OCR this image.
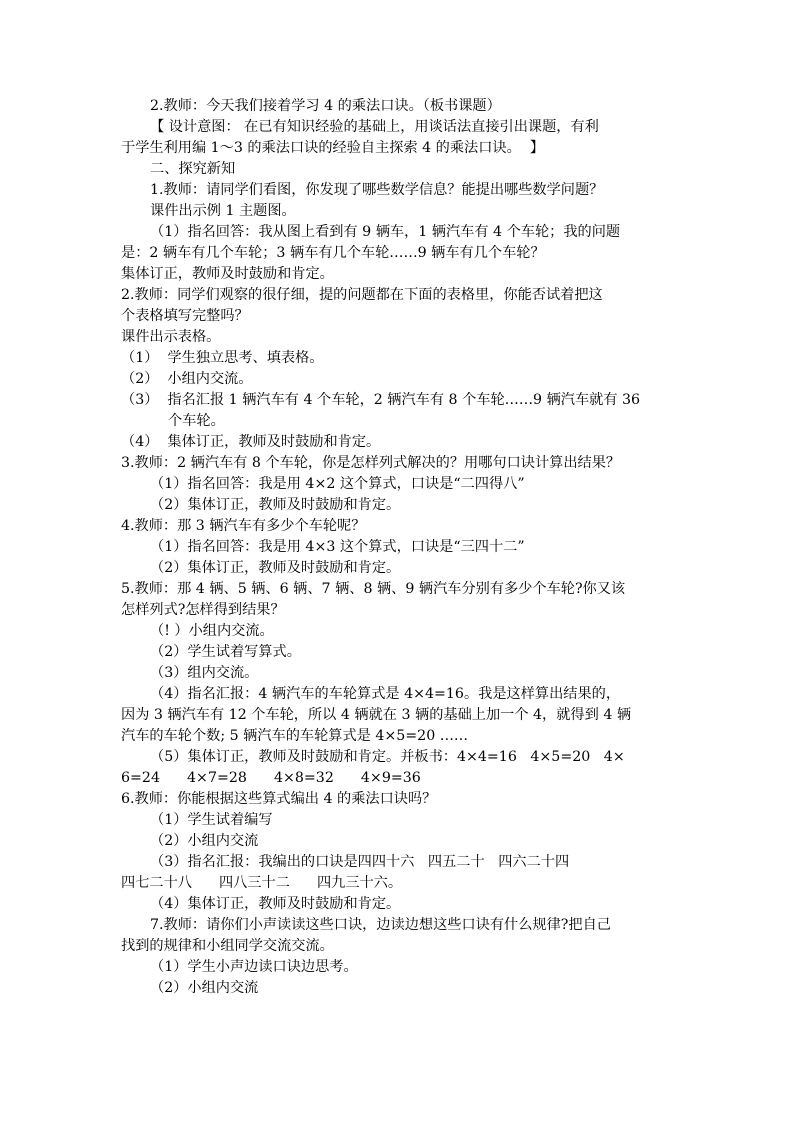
2.教师：今天我们接着学习 4 的乘法口诀。（板书课题）
【 设计意图： 在已有知识经验的基础上，用谈话法直接引出课题，有利
于学生利用编 1～3 的乘法口诀的经验自主探索 4 的乘法口诀。  】
二、探究新知
1.教师：请同学们看图，你发现了哪些数学信息？能提出哪些数学问题？
课件出示例 1 主题图。
（1）指名回答：我从图上看到有 9 辆车，1 辆汽车有 4 个车轮；我的问题
是：2 辆车有几个车轮；3 辆车有几个车轮……9 辆车有几个车轮？
集体订正，教师及时鼓励和肯定。
2.教师：同学们观察的很仔细，提的问题都在下面的表格里，你能否试着把这
个表格填写完整吗？
课件出示表格。
（1）  学生独立思考、填表格。
（2）  小组内交流。
（3）  指名汇报 1 辆汽车有 4 个车轮，2 辆汽车有 8 个车轮……9 辆汽车就有 36
个车轮。
（4）  集体订正，教师及时鼓励和肯定。
3.教师：2 辆汽车有 8 个车轮，你是怎样列式解决的？用哪句口诀计算出结果？
（1）指名回答：我是用 4×2 这个算式，口诀是“二四得八”
（2）集体订正，教师及时鼓励和肯定。
4.教师：那 3 辆汽车有多少个车轮呢？
（1）指名回答：我是用 4×3 这个算式，口诀是“三四十二”
（2）集体订正，教师及时鼓励和肯定。
5.教师：那 4 辆、5 辆、6 辆、7 辆、8 辆、9 辆汽车分别有多少个车轮?你又该
怎样列式?怎样得到结果？
（! ）小组内交流。
（2）学生试着写算式。
（3）组内交流。
（4）指名汇报：4 辆汽车的车轮算式是 4×4=16。我是这样算出结果的，
因为 3 辆汽车有 12 个车轮，所以 4 辆就在 3 辆的基础上加一个 4，就得到 4 辆
汽车的车轮个数; 5 辆汽车的车轮算式是 4×5=20 ……
（5）集体订正，教师及时鼓励和肯定。并板书：4×4=16   4×5=20   4×
6=24      4×7=28      4×8=32      4×9=36
6.教师：你能根据这些算式编出 4 的乘法口诀吗？
（1）学生试着编写
（2）小组内交流
（3）指名汇报：我编出的口诀是四四十六   四五二十   四六二十四
四七二十八      四八三十二      四九三十六。
（4）集体订正，教师及时鼓励和肯定。
7.教师：请你们小声读读这些口诀，边读边想这些口诀有什么规律?把自己
找到的规律和小组同学交流交流。
（1）学生小声边读口诀边思考。
（2）小组内交流
